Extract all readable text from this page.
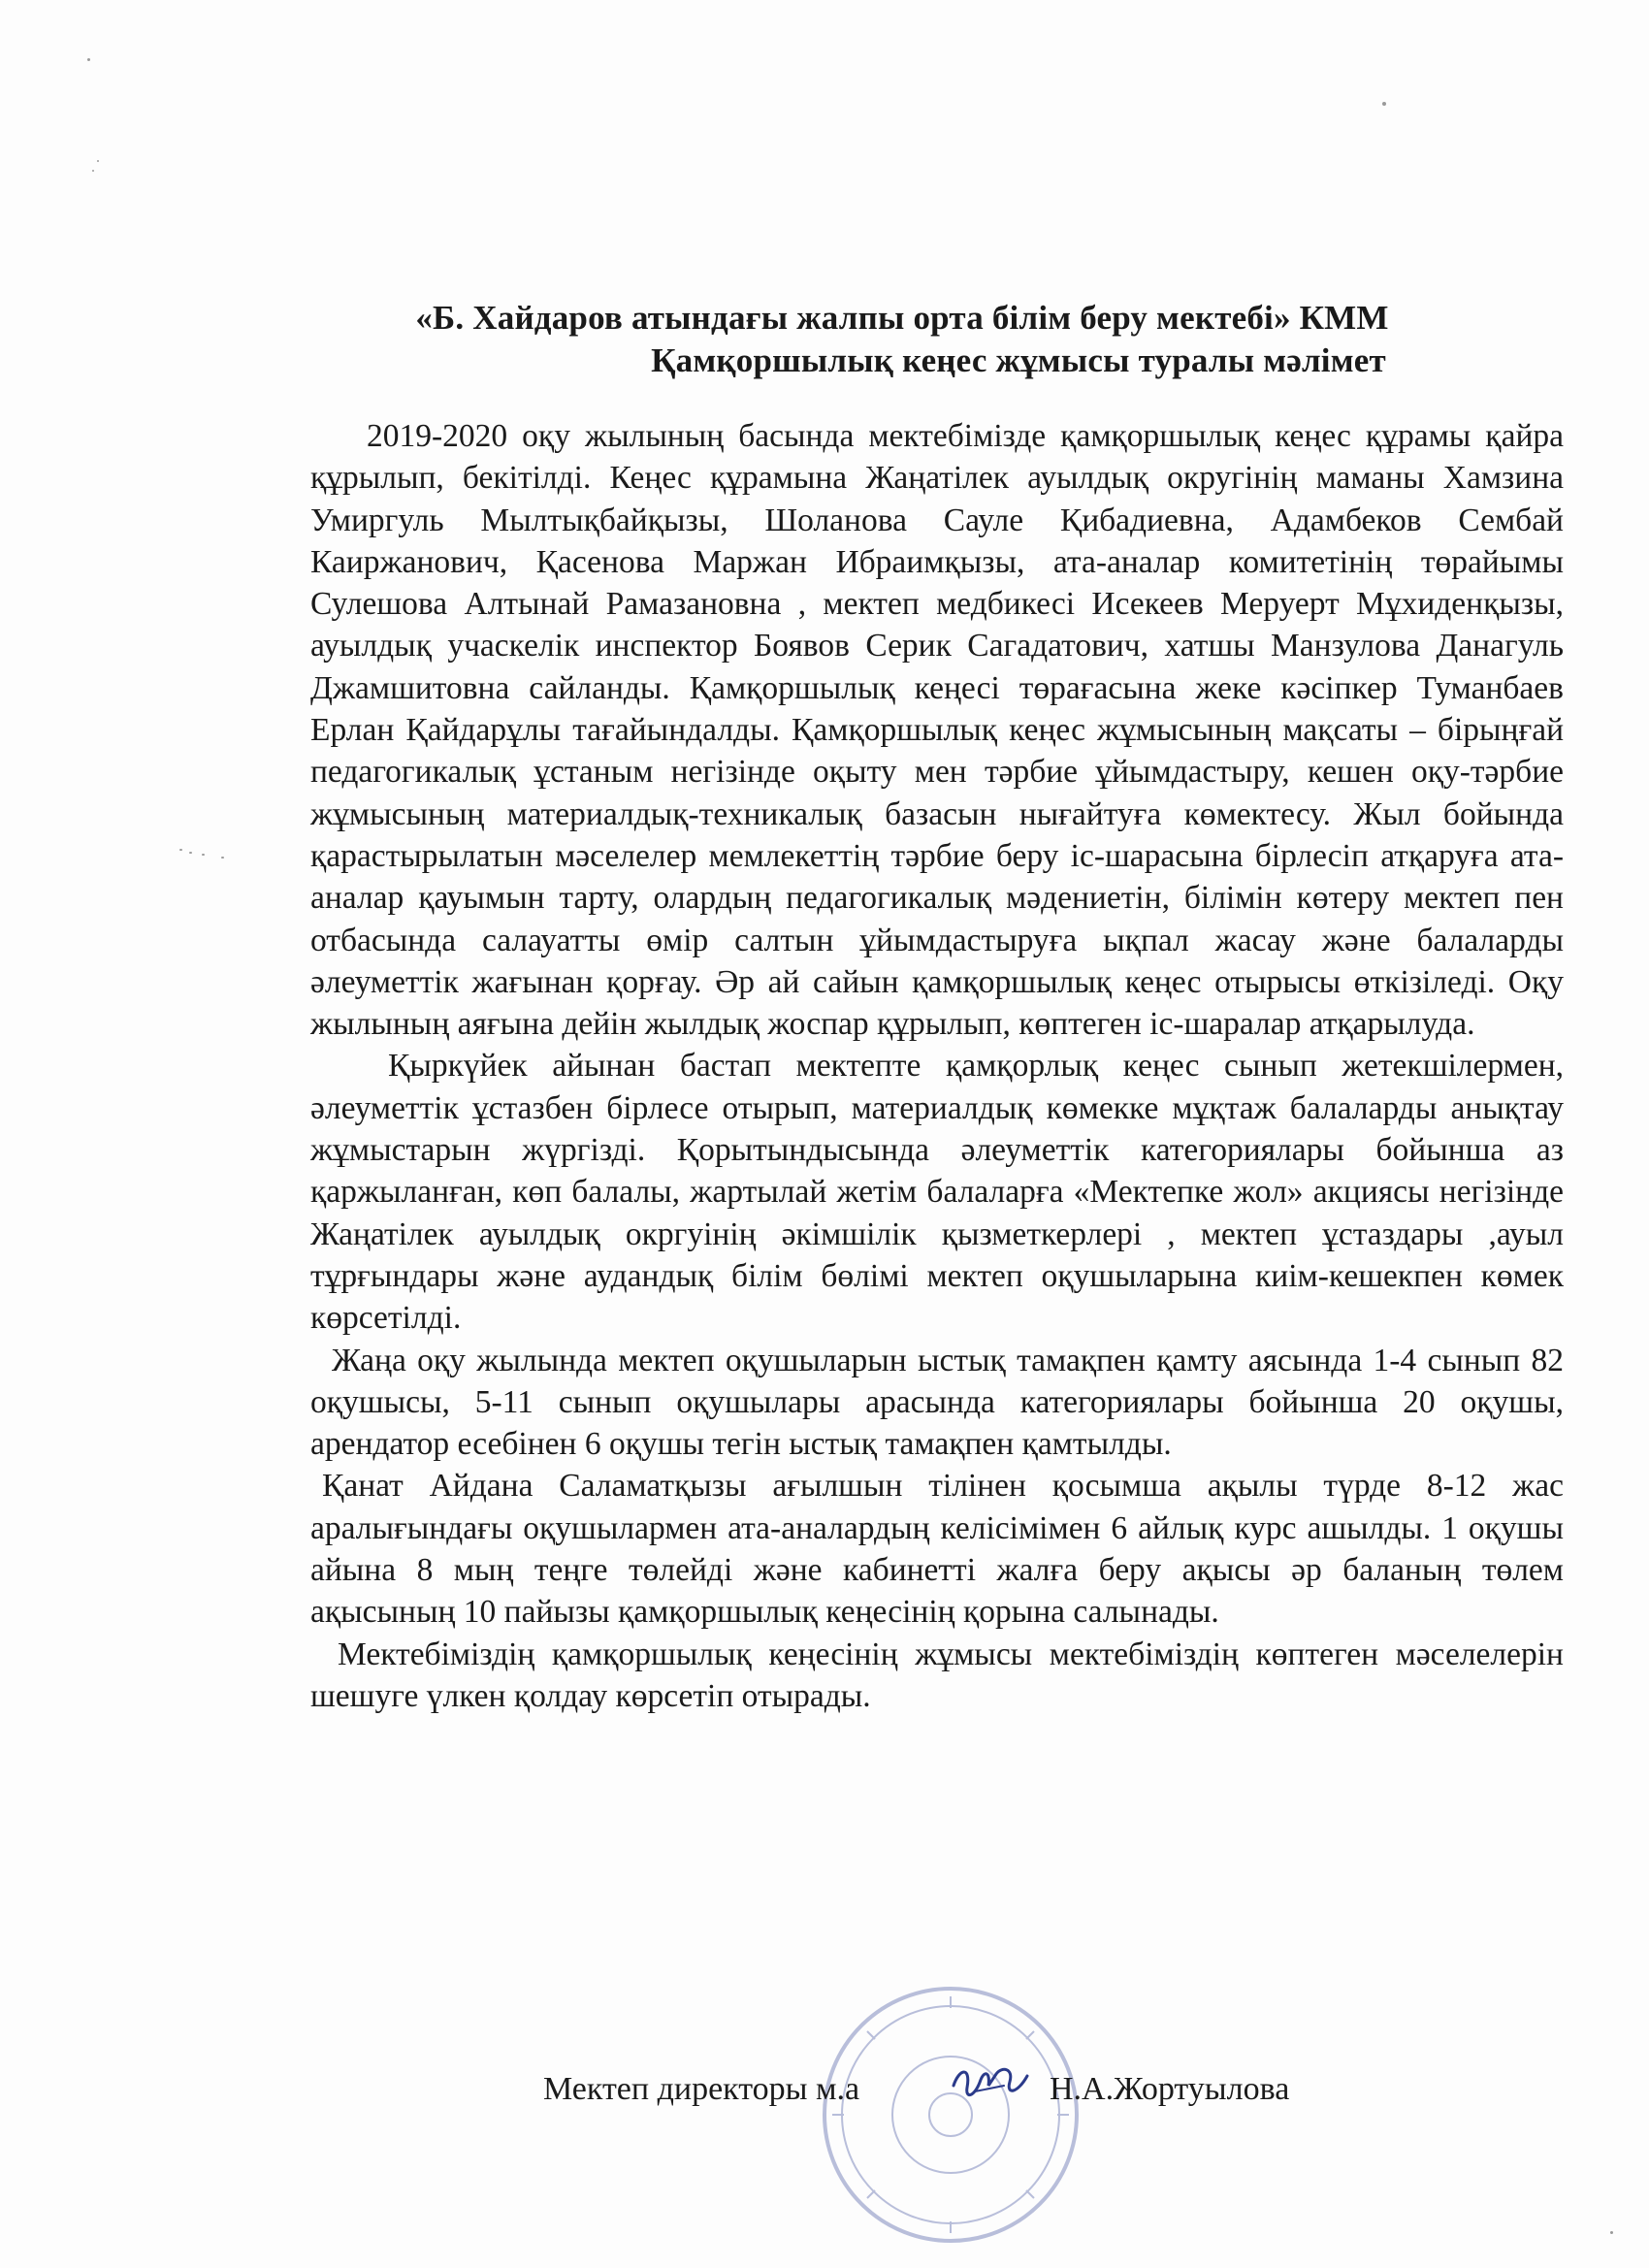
«Б. Хайдаров атындағы жалпы орта білім беру мектебі» КММ
Қамқоршылық кеңес жұмысы туралы мәлімет

2019-2020 оқу жылының басында мектебімізде қамқоршылық кеңес құрамы қайра құрылып, бекітілді. Кеңес құрамына Жаңатілек ауылдық округінің маманы Хамзина Умиргуль Мылтықбайқызы, Шоланова Сауле Қибадиевна, Адамбеков Сембай Каиржанович, Қасенова Маржан Ибраимқызы, ата-аналар комитетінің төрайымы Сулешова Алтынай Рамазановна , мектеп медбикесі Исекеев Меруерт Мұхиденқызы, ауылдық учаскелік инспектор Боявов Серик Сагадатович, хатшы Манзулова Данагуль Джамшитовна сайланды. Қамқоршылық кеңесі төрағасына жеке кәсіпкер Туманбаев Ерлан Қайдарұлы тағайындалды. Қамқоршылық кеңес жұмысының мақсаты – бірыңғай педагогикалық ұстаным негізінде оқыту мен тәрбие ұйымдастыру, кешен оқу-тәрбие жұмысының материалдық-техникалық базасын нығайтуға көмектесу. Жыл бойында қарастырылатын мәселелер мемлекеттің тәрбие беру іс-шарасына бірлесіп атқаруға ата-аналар қауымын тарту, олардың педагогикалық мәдениетін, білімін көтеру мектеп пен отбасында салауатты өмір салтын ұйымдастыруға ықпал жасау және балаларды әлеуметтік жағынан қорғау. Әр ай сайын қамқоршылық кеңес отырысы өткізіледі. Оқу жылының аяғына дейін жылдық жоспар құрылып, көптеген іс-шаралар атқарылуда.

Қыркүйек айынан бастап мектепте қамқорлық кеңес сынып жетекшілермен, әлеуметтік ұстазбен бірлесе отырып, материалдық көмекке мұқтаж балаларды анықтау жұмыстарын жүргізді. Қорытындысында әлеуметтік категориялары бойынша аз қаржыланған, көп балалы, жартылай жетім балаларға «Мектепке жол» акциясы негізінде Жаңатілек ауылдық окргуінің әкімшілік қызметкерлері , мектеп ұстаздары ,ауыл тұрғындары және аудандық білім бөлімі мектеп оқушыларына киім-кешекпен көмек көрсетілді.

Жаңа оқу жылында мектеп оқушыларын ыстық тамақпен қамту аясында 1-4 сынып 82 оқушысы, 5-11 сынып оқушылары арасында категориялары бойынша 20 оқушы, арендатор есебінен 6 оқушы тегін ыстық тамақпен қамтылды.

Қанат Айдана Саламатқызы ағылшын тілінен қосымша ақылы түрде 8-12 жас аралығындағы оқушылармен ата-аналардың келісімімен 6 айлық курс ашылды. 1 оқушы айына 8 мың теңге төлейді және кабинетті жалға беру ақысы әр баланың төлем ақысының 10 пайызы қамқоршылық кеңесінің қорына салынады.

Мектебіміздің қамқоршылық кеңесінің жұмысы мектебіміздің көптеген мәселелерін шешуге үлкен қолдау көрсетіп отырады.

Мектеп директоры м.а	Н.А.Жортуылова
